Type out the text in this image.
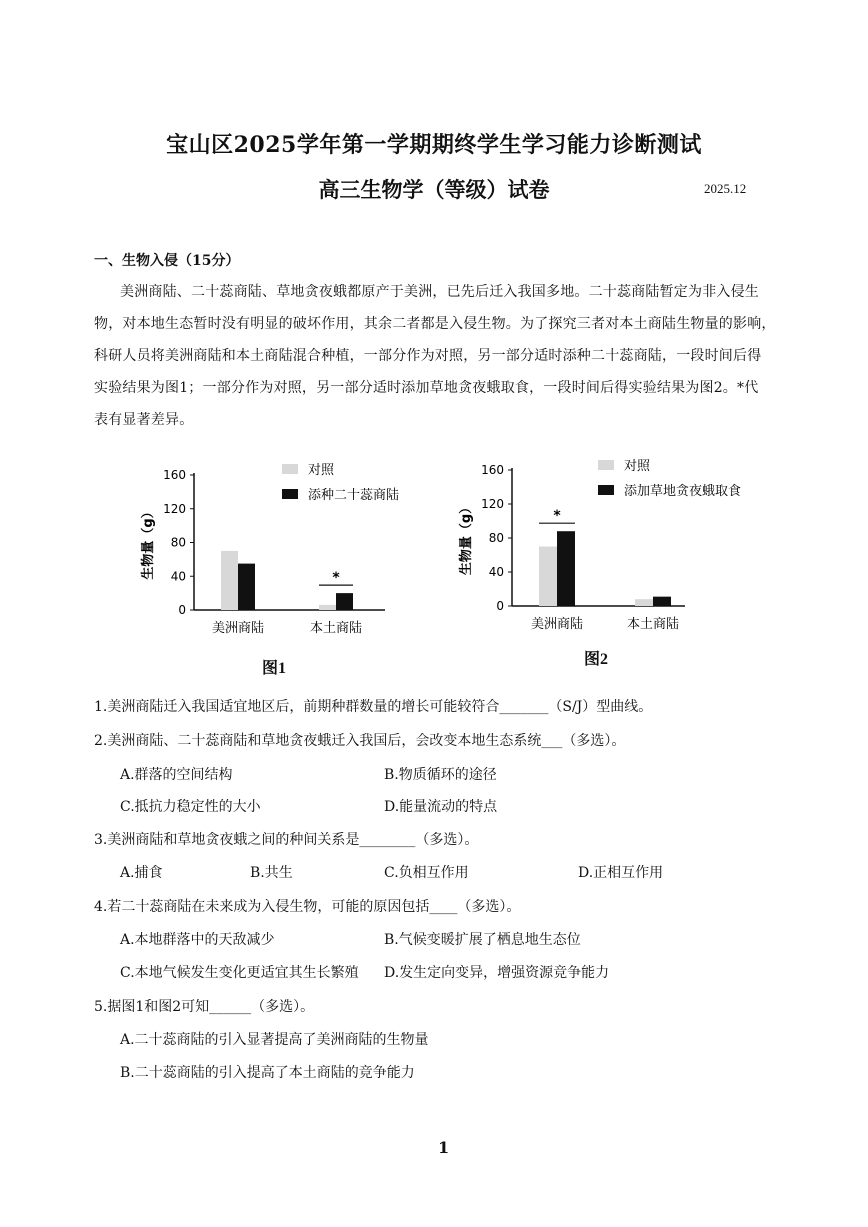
宝山区2025学年第一学期期终学生学习能力诊断测试
高三生物学（等级）试卷	2025.12
一、生物入侵（15分）
美洲商陆、二十蕊商陆、草地贪夜蛾都原产于美洲，已先后迁入我国多地。二十蕊商陆暂定为非入侵生
物，对本地生态暂时没有明显的破坏作用，其余二者都是入侵生物。为了探究三者对本土商陆生物量的影响，
科研人员将美洲商陆和本土商陆混合种植，一部分作为对照，另一部分适时添种二十蕊商陆，一段时间后得
实验结果为图1；一部分作为对照，另一部分适时添加草地贪夜蛾取食，一段时间后得实验结果为图2。*代
表有显著差异。
生物量（g）
0
40
80
120
160
美洲商陆	本土商陆
*
对照
添种二十蕊商陆
图1
生物量（g）
0
40
80
120
160
美洲商陆	本土商陆
*
对照
添加草地贪夜蛾取食
图2
1.美洲商陆迁入我国适宜地区后，前期种群数量的增长可能较符合_______（S/J）型曲线。
2.美洲商陆、二十蕊商陆和草地贪夜蛾迁入我国后，会改变本地生态系统___（多选）。
A.群落的空间结构	B.物质循环的途径
C.抵抗力稳定性的大小	D.能量流动的特点
3.美洲商陆和草地贪夜蛾之间的种间关系是________（多选）。
A.捕食	B.共生	C.负相互作用	D.正相互作用
4.若二十蕊商陆在未来成为入侵生物，可能的原因包括____（多选）。
A.本地群落中的天敌减少	B.气候变暖扩展了栖息地生态位
C.本地气候发生变化更适宜其生长繁殖 D.发生定向变异，增强资源竞争能力
5.据图1和图2可知______（多选）。
A.二十蕊商陆的引入显著提高了美洲商陆的生物量
B.二十蕊商陆的引入提高了本土商陆的竞争能力
1
